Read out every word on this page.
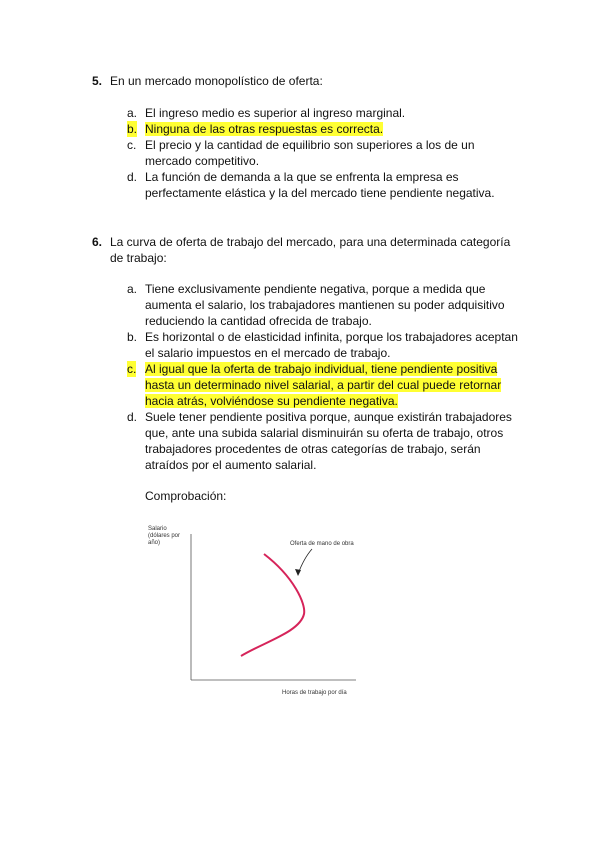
5. En un mercado monopolístico de oferta:
a. El ingreso medio es superior al ingreso marginal.
b. Ninguna de las otras respuestas es correcta.
c. El precio y la cantidad de equilibrio son superiores a los de un
mercado competitivo.
d. La función de demanda a la que se enfrenta la empresa es
perfectamente elástica y la del mercado tiene pendiente negativa.
6. La curva de oferta de trabajo del mercado, para una determinada categoría
de trabajo:
a. Tiene exclusivamente pendiente negativa, porque a medida que
aumenta el salario, los trabajadores mantienen su poder adquisitivo
reduciendo la cantidad ofrecida de trabajo.
b. Es horizontal o de elasticidad infinita, porque los trabajadores aceptan
el salario impuestos en el mercado de trabajo.
c. Al igual que la oferta de trabajo individual, tiene pendiente positiva
hasta un determinado nivel salarial, a partir del cual puede retornar
hacia atrás, volviéndose su pendiente negativa.
d. Suele tener pendiente positiva porque, aunque existirán trabajadores
que, ante una subida salarial disminuirán su oferta de trabajo, otros
trabajadores procedentes de otras categorías de trabajo, serán
atraídos por el aumento salarial.
Comprobación:
Salario
(dólares por
año)	Oferta de mano de obra
Horas de trabajo por día
